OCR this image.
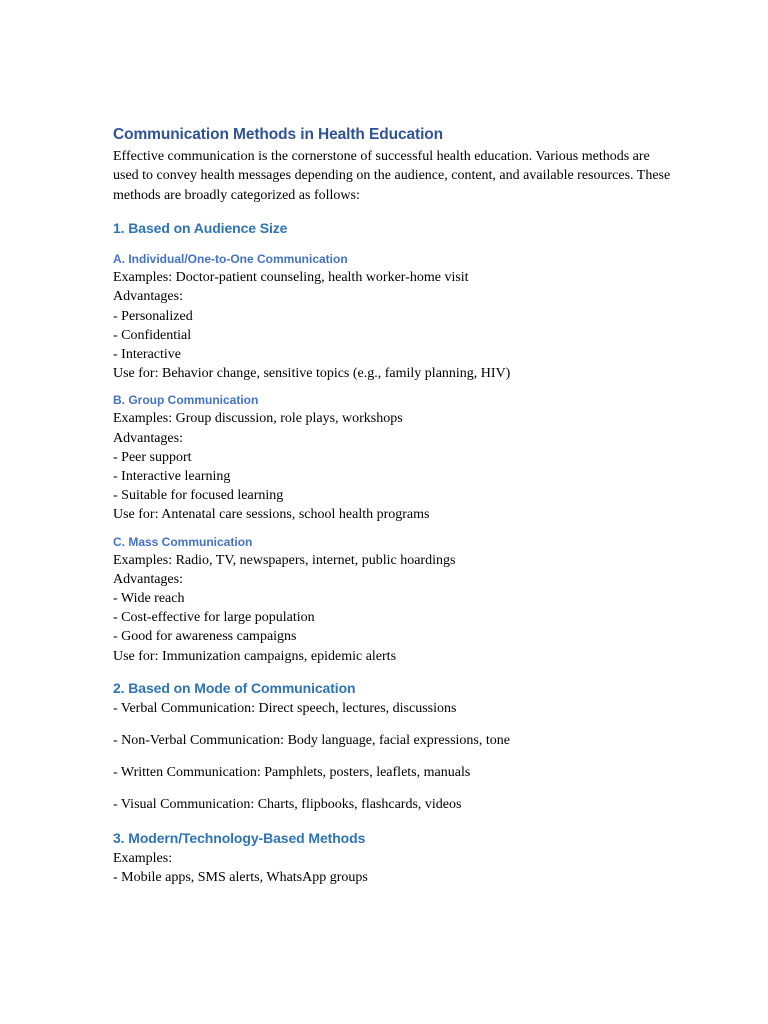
Communication Methods in Health Education

Effective communication is the cornerstone of successful health education. Various methods are used to convey health messages depending on the audience, content, and available resources. These methods are broadly categorized as follows:

1. Based on Audience Size
A. Individual/One-to-One Communication

Examples: Doctor-patient counseling, health worker-home visit

Advantages:

- Personalized

- Confidential

- Interactive

Use for: Behavior change, sensitive topics (e.g., family planning, HIV)

B. Group Communication

Examples: Group discussion, role plays, workshops

Advantages:

- Peer support

- Interactive learning

- Suitable for focused learning

Use for: Antenatal care sessions, school health programs

C. Mass Communication

Examples: Radio, TV, newspapers, internet, public hoardings

Advantages:

- Wide reach

- Cost-effective for large population

- Good for awareness campaigns

Use for: Immunization campaigns, epidemic alerts

2. Based on Mode of Communication

- Verbal Communication: Direct speech, lectures, discussions

- Non-Verbal Communication: Body language, facial expressions, tone

- Written Communication: Pamphlets, posters, leaflets, manuals

- Visual Communication: Charts, flipbooks, flashcards, videos

3. Modern/Technology-Based Methods

Examples:

- Mobile apps, SMS alerts, WhatsApp groups
